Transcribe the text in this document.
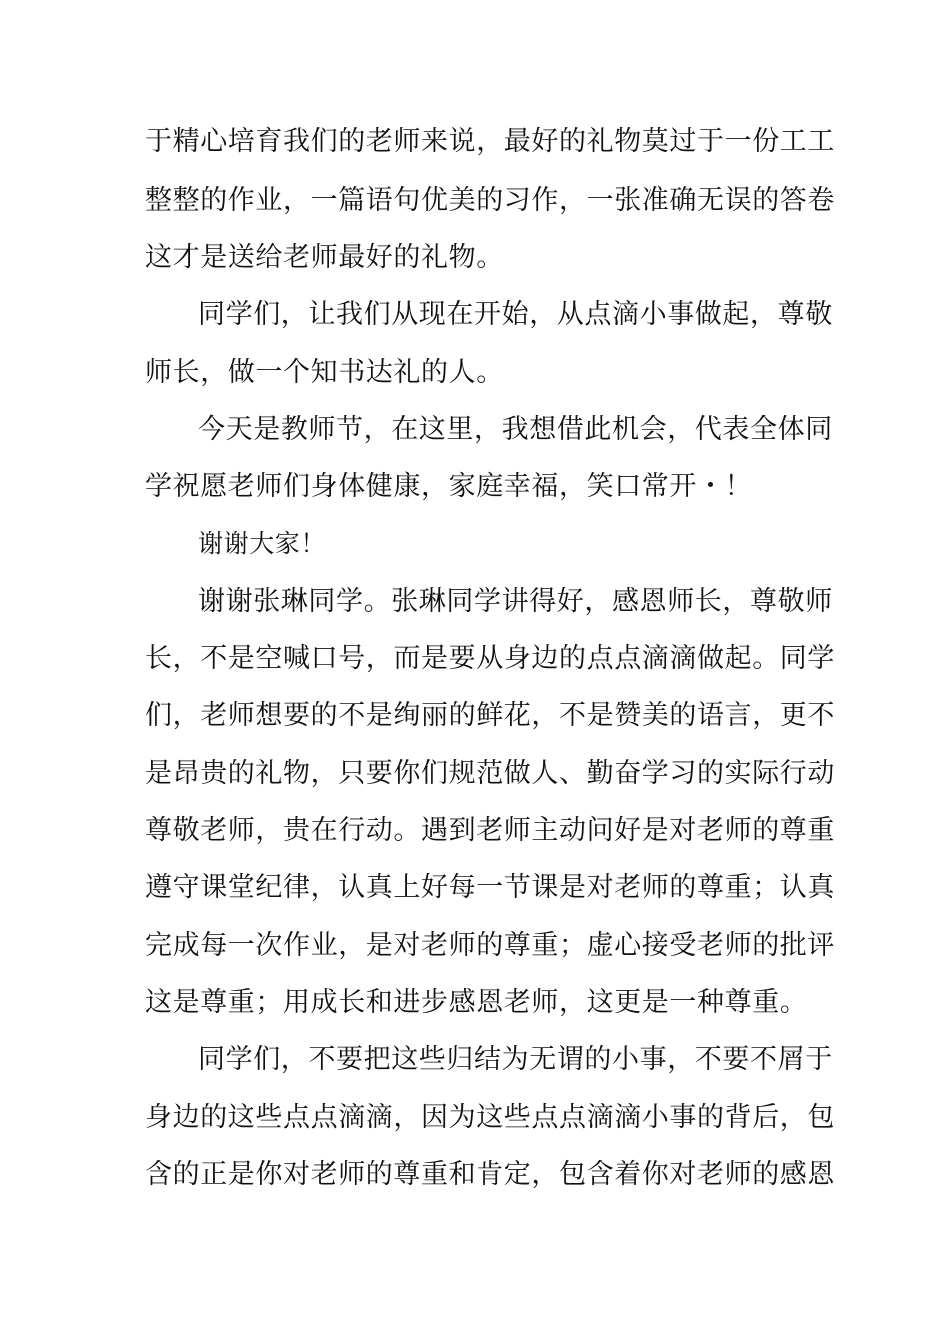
于精心培育我们的老师来说，最好的礼物莫过于一份工工
整整的作业，一篇语句优美的习作，一张准确无误的答卷
这才是送给老师最好的礼物。
同学们，让我们从现在开始，从点滴小事做起，尊敬
师长，做一个知书达礼的人。
今天是教师节，在这里，我想借此机会，代表全体同
学祝愿老师们身体健康，家庭幸福，笑口常开・！
谢谢大家！
谢谢张琳同学。张琳同学讲得好，感恩师长，尊敬师
长，不是空喊口号，而是要从身边的点点滴滴做起。同学
们，老师想要的不是绚丽的鲜花，不是赞美的语言，更不
是昂贵的礼物，只要你们规范做人、勤奋学习的实际行动
尊敬老师，贵在行动。遇到老师主动问好是对老师的尊重
遵守课堂纪律，认真上好每一节课是对老师的尊重；认真
完成每一次作业，是对老师的尊重；虚心接受老师的批评
这是尊重；用成长和进步感恩老师，这更是一种尊重。
同学们，不要把这些归结为无谓的小事，不要不屑于
身边的这些点点滴滴，因为这些点点滴滴小事的背后，包
含的正是你对老师的尊重和肯定，包含着你对老师的感恩
